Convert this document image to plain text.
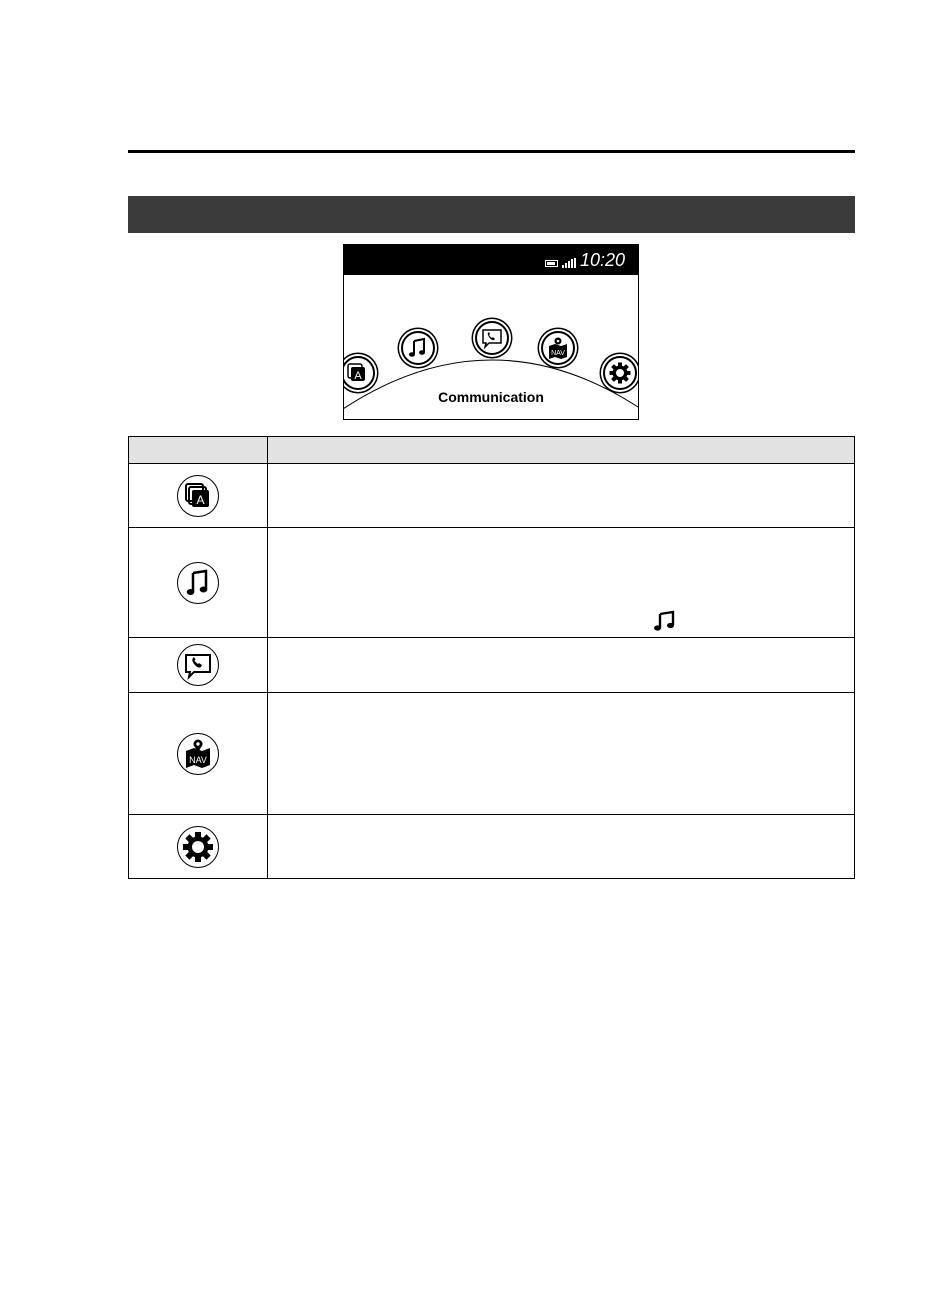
10:20
A
NAV
Communication

A	

NAV	
